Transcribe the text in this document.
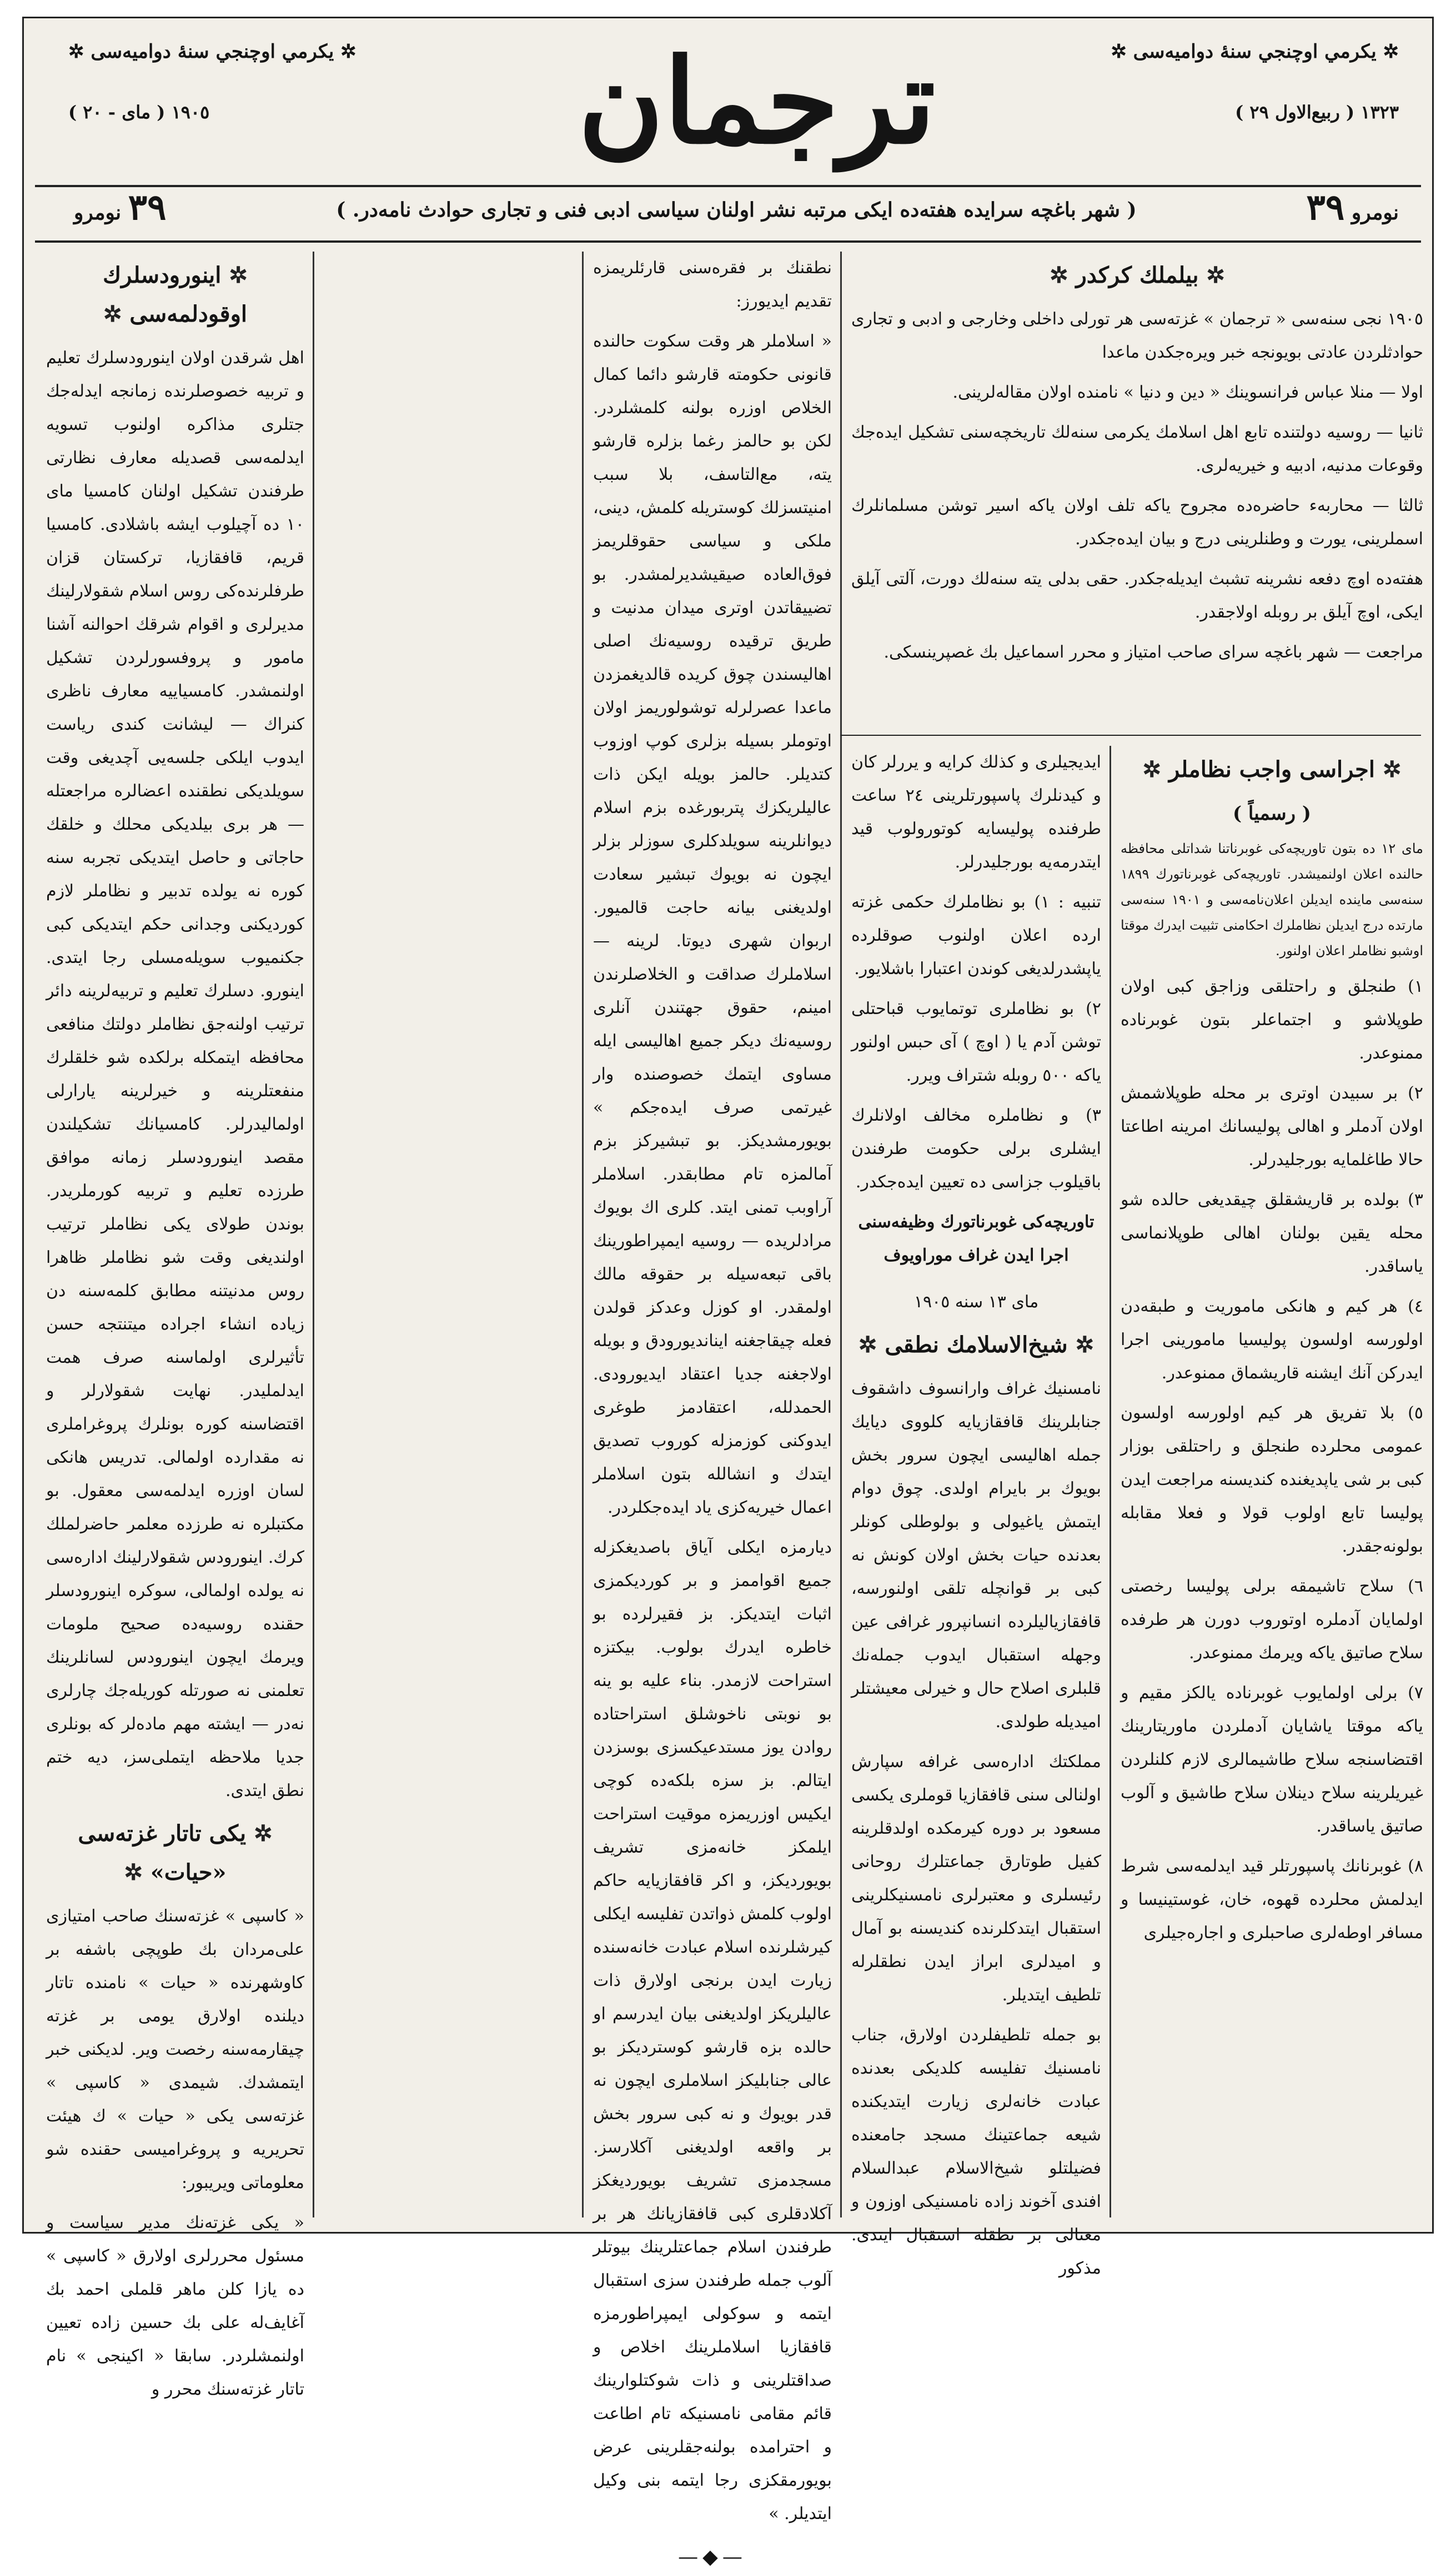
✲ يكرمي اوچنجي سنهٔ دوامیه‌سی ✲
١٣٢٣ ( ربیع‌الاول ٢٩ )
ترجمان
✲ يكرمي اوچنجي سنهٔ دوامیه‌سی ✲
١٩٠٥ ( مای - ٢٠ )
٣٩ نومرو	( شهر باغچه سرایده هفته‌ده ایكی مرتبه نشر اولنان سیاسی ادبی فنی و تجاری حوادث نامه‌در. )	نومرو ٣٩
✲ بيلملك كركدر ✲

١٩٠٥ نجی سنه‌سی « ترجمان » غزته‌سی هر تورلی داخلی وخارجی و ادبی و تجاری حوادثلردن عادتی بویونجه خبر ویره‌جكدن ماعدا

اولا — منلا عباس فرانسوینك « دین و دنیا » نامنده اولان مقاله‌لرینی.

ثانیا — روسیه دولتنده تابع اهل اسلامك يكرمی سنه‌لك تاریخچه‌سنی تشكیل ایده‌جك وقوعات مدنیه، ادبیه و خیریه‌لری.

ثالثا — محاربه‌ء حاضره‌ده مجروح یاكه تلف اولان یاكه اسیر توشن مسلمانلرك اسملرینی، يورت و وطنلرینی درج و بیان ایده‌جكدر.

هفته‌ده اوچ دفعه نشرینه تشبث ایدیله‌جكدر. حقی بدلی یته سنه‌لك دورت، آلتی آیلق ایكی، اوچ آیلق بر روبله اولاجقدر.

مراجعت — شهر باغچه سرای صاحب امتیاز و محرر اسماعیل بك غصپرینسكی.

✲ اجراسی واجب نظاملر ✲
( رسمیاً )

مای ١٢ ده بتون تاوریچه‌کی غوبرناتنا شداتلی محافظه حالنده اعلان اولنمیشدر. تاوریچه‌کی غوبرناتورك ۱۸۹۹ سنه‌سی ماینده ایدیلن اعلان‌نامه‌سی و ۱۹۰۱ سنه‌سی مارتده درج ایدیلن نظاملرك احكامنی تثبیت ایدرك موقتا اوشبو نظاملر اعلان اولنور.

١) طنجلق و راحتلقی وزاجق كبی اولان طوپلاشو و اجتماعلر بتون غوبرناده ممنوعدر.

٢) بر سبیدن اوتری بر محله طوپلاشمش اولان آدملر و اهالی پولیسانك امرینه اطاعتا حالا طاغلمایه بورجلیدرلر.

٣) بولده بر قاریشقلق چیقدیغی حالده شو محله یقین بولنان اهالی طوپلانماسی یاساقدر.

٤) هر كیم و هانكی ماموریت و طبقه‌دن اولورسه اولسون پولیسیا مامورینی اجرا ایدركن آنك ایشنه قاریشماق ممنوعدر.

٥) بلا تفریق هر كیم اولورسه اولسون عمومی محلرده طنجلق و راحتلقی بوزار كبی بر شی یاپدیغنده كندیسنه مراجعت ایدن پولیسا تابع اولوب قولا و فعلا مقابله بولونه‌جقدر.

٦) سلاح تاشیمقه برلی پولیسا رخصتی اولمایان آدملره اوتوروب دورن هر طرفده سلاح صاتیق یاكه ویرمك ممنوعدر.

٧) برلی اولمایوب غوبرناده یالكز مقیم و یاكه موقتا یاشایان آدملردن ماوریتارینك اقتضاسنجه سلاح طاشیمالری لازم كلنلردن غیریلرینه سلاح دینلان سلاح طاشیق و آلوب صاتیق یاساقدر.

٨) غوبرنانك پاسپورتلر قید ایدلمه‌سی شرط ایدلمش محلرده قهوه، خان، غوستینیسا و مسافر اوطه‌لری صاحبلری و اجاره‌جیلری

ایدیجیلری و كذلك كرایه و یررلر كان و كیدنلرك پاسپورتلرینی ٢٤ ساعت طرفنده پولیسایه كوتورولوب قید ایتدرمه‌یه بورجلیدرلر.

تنبیه : ١) بو نظاملرك حكمی غزته ارده اعلان اولنوب صوقلرده یاپشدرلدیغی كوندن اعتبارا باشلایور.

٢) بو نظاملری توتمایوب قباحتلی توشن آدم یا ( اوچ ) آی حبس اولنور یاكه ٥٠٠ روبله شتراف ویرر.

٣) و نظاملره مخالف اولانلرك ایشلری برلی حكومت طرفندن باقیلوب جزاسی ده تعیین ایده‌جكدر.

تاوریچه‌کی غوبرناتورك وظیفه‌سنی اجرا ایدن غراف موراویوف
مای ١٣ سنه ١٩٠٥
✲ شیخ‌الاسلامك نطقی ✲

نامسنیك غراف وارانسوف داشقوف جنابلرینك قافقازیایه كلووی دیایك جمله اهالیسی ایچون سرور بخش بویوك بر بایرام اولدی. چوق دوام ایتمش یاغیولی و بولوطلی كونلر بعدنده حیات بخش اولان كونش نه كبی بر قوانچله تلقی اولنورسه، قافقازیالیلرده انسانپرور غرافی عین وجهله استقبال ایدوب جمله‌نك قلبلری اصلاح حال و خیرلی معیشتلر امیدیله طولدی.

مملكتك اداره‌سی غرافه سپارش اولنالی سنی قافقازیا قوملری یكسی مسعود بر دوره كیرمكده اولدقلرینه كفیل طوتارق جماعتلرك روحانی رئیسلری و معتبرلری نامسنیكلرینی استقبال ایتدكلرنده كندیسنه بو آمال و امیدلری ابراز ایدن نطقلرله تلطیف ایتدیلر.

بو جمله تلطیفلردن اولارق، جناب نامسنیك تفلیسه كلدیكی بعدنده عبادت خانه‌لری زیارت ایتدیكنده شیعه جماعتینك مسجد جامعنده فضیلتلو شیخ‌الاسلام عبدالسلام افندی آخوند زاده نامسنیكی اوزون و معنالی بر نطقله استقبال ایتدی. مذكور

نطقنك بر فقره‌سنی قارئلریمزه تقدیم ایدیورز:

« اسلاملر هر وقت سكوت حالنده قانونی حكومته قارشو دائما كمال الخلاص اوزره بولنه كلمشلردر. لكن بو حالمز رغما بزلره قارشو یته، مع‌التاسف، بلا سبب امنیتسزلك كوستریله كلمش، دینی، ملكی و سیاسی حقوقلریمز فوق‌العاده صیقیشدیرلمشدر. بو تضییقاتدن اوتری میدان مدنیت و طریق ترقیده روسیه‌نك اصلی اهالیسندن چوق كریده قالدیغمزدن ماعدا عصرلرله توشولوریمز اولان اوتوملر بسیله بزلری كوپ اوزوب كتدیلر. حالمز بویله ایكن ذات عالیلریكزك پتربورغده بزم اسلام دیوانلرینه سویلدكلری سوزلر بزلر ایچون نه بویوك تبشیر سعادت اولدیغنی بیانه حاجت قالمیور. اربوان شهری دیوتا. لرینه — اسلاملرك صداقت و الخلاصلرندن امینم، حقوق جهتندن آنلری روسیه‌نك دیكر جمیع اهالیسی ایله مساوی ایتمك خصوصنده وار غیرتمی صرف ایده‌جكم » بویورمشدیكز. بو تبشیركز بزم آمالمزه تام مطابقدر. اسلاملر آراوبب تمنی ایتد. كلری اك بویوك مرادلریده — روسیه ایمپراطورینك باقی تبعه‌سیله بر حقوقه مالك اولمقدر. او كوزل وعدكز قولدن فعله چیقاجغنه ایناندیورودق و بویله اولاجغنه جدیا اعتقاد ایدیورودی. الحمدلله، اعتقادمز طوغری ایدوكنی كوزمزله كوروب تصدیق ایتدك و انشالله بتون اسلاملر اعمال خیریه‌كزی یاد ایده‌جكلردر.

دیارمزه ایكلی آیاق باصدیغكزله جمیع اقواممز و بر كوردیكمزی اثبات ایتدیكز. بز فقیرلرده بو خاطره ایدرك بولوب. بیكتزه استراحت لازمدر. بناء علیه بو ینه بو نوبتی ناخوشلق استراحتاده روادن یوز مستدعیكسزی بوسزدن ایتالم. بز سزه بلكه‌ده كوچی ایكیس اوزریمزه موقیت استراحت ایلمكز خانه‌مزی تشریف بویوردیكز، و اكر قافقازیایه حاكم اولوب كلمش ذواتدن تفلیسه ایكلی كیرشلرنده اسلام عبادت خانه‌سنده زیارت ایدن برنجی اولارق ذات عالیلریكز اولدیغنی بیان ایدرسم او حالده بزه قارشو كوستردیكز بو عالی جنابلیكز اسلاملری ایچون نه قدر بویوك و نه كبی سرور بخش بر واقعه اولدیغنی آكلارسز. مسجدمزی تشریف بویوردیغكز آكلادقلری كبی قافقازیانك هر بر طرفندن اسلام جماعتلرینك بیوتلر آلوب جمله طرفندن سزی استقبال ایتمه و سوكولی ایمپراطورمزه قافقازیا اسلاملرینك اخلاص و صداقتلرینی و ذات شوكتلوارینك قائم مقامی نامسنیكه تام اطاعت و احترامده بولنه‌جقلرینی عرض بویورمقكزی رجا ایتمه بنی وكیل ایتدیلر. »

—◆—
✲ اینورودسلرك اوقودلمه‌سی ✲

اهل شرقدن اولان اینورودسلرك تعلیم و تربیه خصوصلرنده زمانجه ایدله‌جك جتلری مذاكره اولنوب تسویه ایدلمه‌سی قصدیله معارف نظارتی طرفندن تشكیل اولنان كامسیا مای ١٠ ده آچیلوب ایشه باشلادی. كامسیا قریم، قافقازیا، تركستان قزان طرفلرنده‌كی روس اسلام شقولارلینك مدیرلری و اقوام شرقك احوالنه آشنا مامور و پروفسورلردن تشكیل اولنمشدر. كامسیاییه معارف ناظری كنراك — لیشانت كندی ریاست ایدوب ایلكی جلسه‌یی آچدیغی وقت سویلدیكی نطقنده اعضالره مراجعتله — هر بری بیلدیكی محلك و خلقك حاجاتی و حاصل ایتدیكی تجربه سنه كوره نه یولده تدبیر و نظاملر لازم كوردیكنی وجدانی حكم ایتدیكی كبی جكنمیوب سویله‌مسلی رجا ایتدی. اینورو. دسلرك تعلیم و تربیه‌لرینه دائر ترتیب اولنه‌جق نظاملر دولتك منافعی محافظه ایتمكله برلكده شو خلقلرك منفعتلرینه و خیرلرینه یارارلی اولمالیدرلر. كامسیانك تشكیلندن مقصد اینورودسلر زمانه موافق طرزده تعلیم و تربیه كورملریدر. بوندن طولای یكی نظاملر ترتیب اولندیغی وقت شو نظاملر ظاهرا روس مدنیتنه مطابق كلمه‌سنه دن زیاده انشاء اجراده میتنتجه حسن تأثیرلری اولماسنه صرف همت ایدلملیدر. نهایت شقولارلر و اقتضاسنه كوره بونلرك پروغراملری نه مقدارده اولمالی. تدریس هانكی لسان اوزره ایدلمه‌سی معقول. بو مكتبلره نه طرزده معلمر حاضرلملك كرك. اینورودس شقولارلینك اداره‌سی نه یولده اولمالی، سوكره اینورودسلر حقنده روسیه‌ده صحیح ملومات ویرمك ایچون اینورودس لسانلرینك تعلمنی نه صورتله كوریله‌جك چارلری نه‌در — ایشته مهم ماده‌لر كه بونلری جدیا ملاحظه ایتملی‌سز، دیه ختم نطق ایتدی.

✲ یكی تاتار غزته‌سی «حیات» ✲

« كاسپی » غزته‌سنك صاحب امتیازی علی‌مردان بك طوپچی باشفه بر كاوشهرنده « حیات » نامنده تاتار دیلنده اولارق یومی بر غزته چیقارمه‌سنه رخصت ویر. لدیكنی خبر ایتمشدك. شیمدی « كاسپی » غزته‌سی یكی « حیات » ك هیئت تحریریه و پروغرامیسی حقنده شو معلوماتی ویریبور:

« یكی غزته‌نك مدیر سیاست و مسئول محررلری اولارق « كاسپی » ده یازا كلن ماهر قلملی احمد بك آغایف‌له علی بك حسین زاده تعیین اولنمشلردر. سابقا « اكینجی » نام تاتار غزته‌سنك محرر و
